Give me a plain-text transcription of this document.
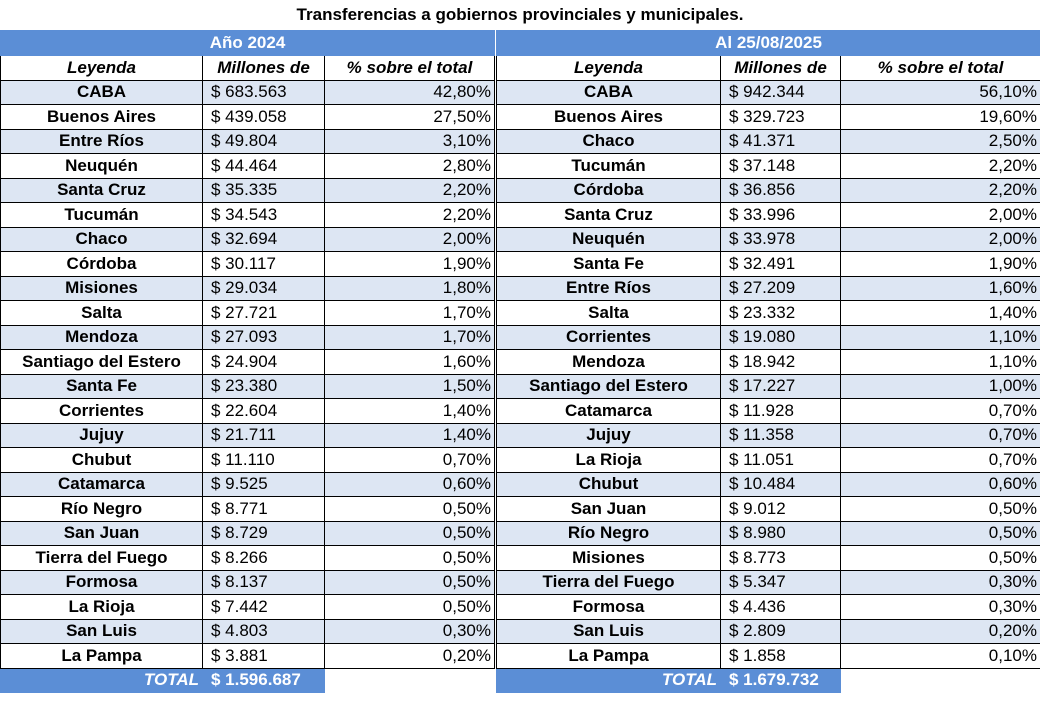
Transferencias a gobiernos provinciales y municipales.
Año 2024				Al 25/08/2025		
Leyenda	Millones de	% sobre el total		Leyenda	Millones de	% sobre el total
CABA	$ 683.563	42,80%		CABA	$ 942.344	56,10%
Buenos Aires	$ 439.058	27,50%		Buenos Aires	$ 329.723	19,60%
Entre Ríos	$ 49.804	3,10%		Chaco	$ 41.371	2,50%
Neuquén	$ 44.464	2,80%		Tucumán	$ 37.148	2,20%
Santa Cruz	$ 35.335	2,20%		Córdoba	$ 36.856	2,20%
Tucumán	$ 34.543	2,20%		Santa Cruz	$ 33.996	2,00%
Chaco	$ 32.694	2,00%		Neuquén	$ 33.978	2,00%
Córdoba	$ 30.117	1,90%		Santa Fe	$ 32.491	1,90%
Misiones	$ 29.034	1,80%		Entre Ríos	$ 27.209	1,60%
Salta	$ 27.721	1,70%		Salta	$ 23.332	1,40%
Mendoza	$ 27.093	1,70%		Corrientes	$ 19.080	1,10%
Santiago del Estero	$ 24.904	1,60%		Mendoza	$ 18.942	1,10%
Santa Fe	$ 23.380	1,50%		Santiago del Estero	$ 17.227	1,00%
Corrientes	$ 22.604	1,40%		Catamarca	$ 11.928	0,70%
Jujuy	$ 21.711	1,40%		Jujuy	$ 11.358	0,70%
Chubut	$ 11.110	0,70%		La Rioja	$ 11.051	0,70%
Catamarca	$ 9.525	0,60%		Chubut	$ 10.484	0,60%
Río Negro	$ 8.771	0,50%		San Juan	$ 9.012	0,50%
San Juan	$ 8.729	0,50%		Río Negro	$ 8.980	0,50%
Tierra del Fuego	$ 8.266	0,50%		Misiones	$ 8.773	0,50%
Formosa	$ 8.137	0,50%		Tierra del Fuego	$ 5.347	0,30%
La Rioja	$ 7.442	0,50%		Formosa	$ 4.436	0,30%
San Luis	$ 4.803	0,30%		San Luis	$ 2.809	0,20%
La Pampa	$ 3.881	0,20%		La Pampa	$ 1.858	0,10%
TOTAL	$ 1.596.687			TOTAL	$ 1.679.732	
